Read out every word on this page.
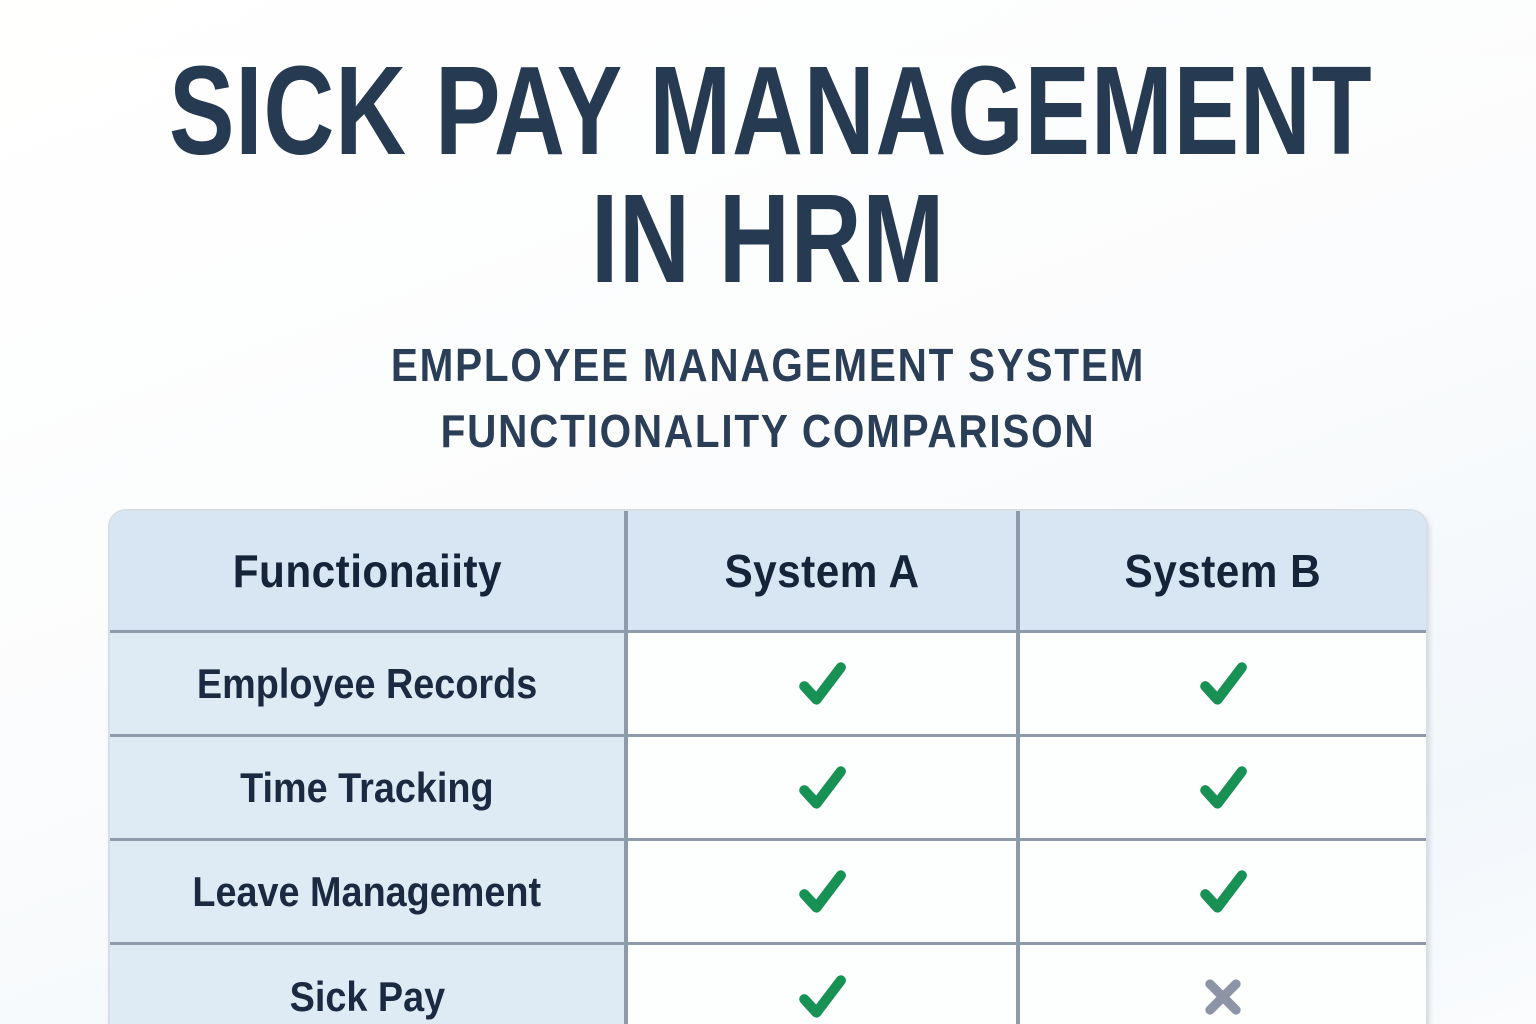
SICK PAY MANAGEMENT
IN HRM
EMPLOYEE MANAGEMENT SYSTEM
FUNCTIONALITY COMPARISON
Functionaiity	System A	System B
Employee Records
Time Tracking
Leave Management
Sick Pay
